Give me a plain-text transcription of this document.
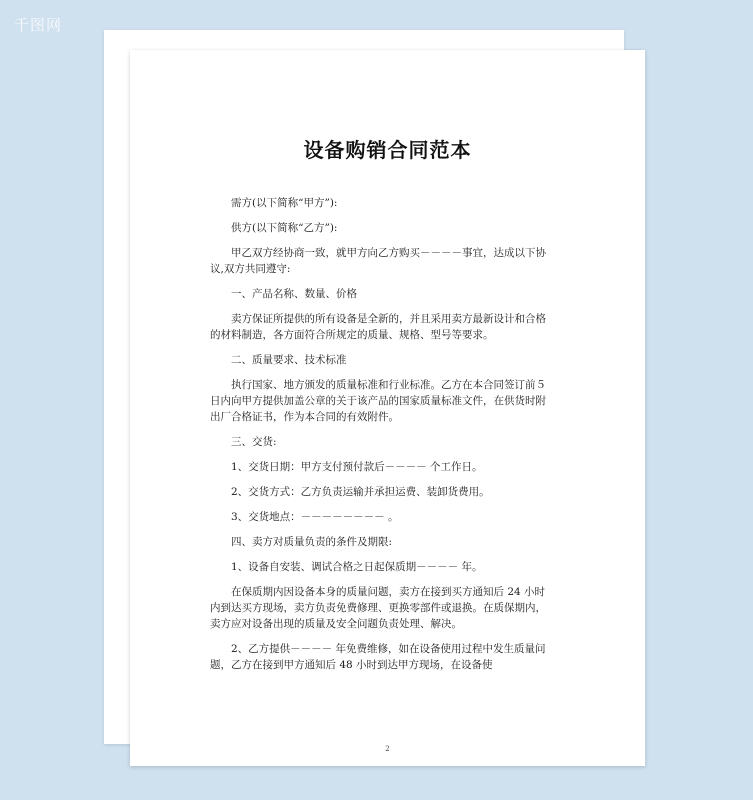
千图网
设备购销合同范本

需方(以下简称“甲方”):

供方(以下简称“乙方”):

甲乙双方经协商一致，就甲方向乙方购买－－－－事宜，达成以下协议,双方共同遵守:

一、产品名称、数量、价格

卖方保证所提供的所有设备是全新的，并且采用卖方最新设计和合格的材料制造，各方面符合所规定的质量、规格、型号等要求。

二、质量要求、技术标准

执行国家、地方颁发的质量标准和行业标准。乙方在本合同签订前５日内向甲方提供加盖公章的关于该产品的国家质量标准文件，在供货时附出厂合格证书，作为本合同的有效附件。

三、交货:

1、交货日期：甲方支付预付款后－－－－ 个工作日。

2、交货方式：乙方负责运输并承担运费、装卸货费用。

3、交货地点：－－－－－－－－ 。

四、卖方对质量负责的条件及期限:

1、设备自安装、调试合格之日起保质期－－－－ 年。

在保质期内因设备本身的质量问题，卖方在接到买方通知后 24 小时内到达买方现场，卖方负责免费修理、更换零部件或退换。在质保期内，卖方应对设备出现的质量及安全问题负责处理、解决。

2、乙方提供－－－－ 年免费维修，如在设备使用过程中发生质量问题，乙方在接到甲方通知后 48 小时到达甲方现场，在设备使

2
